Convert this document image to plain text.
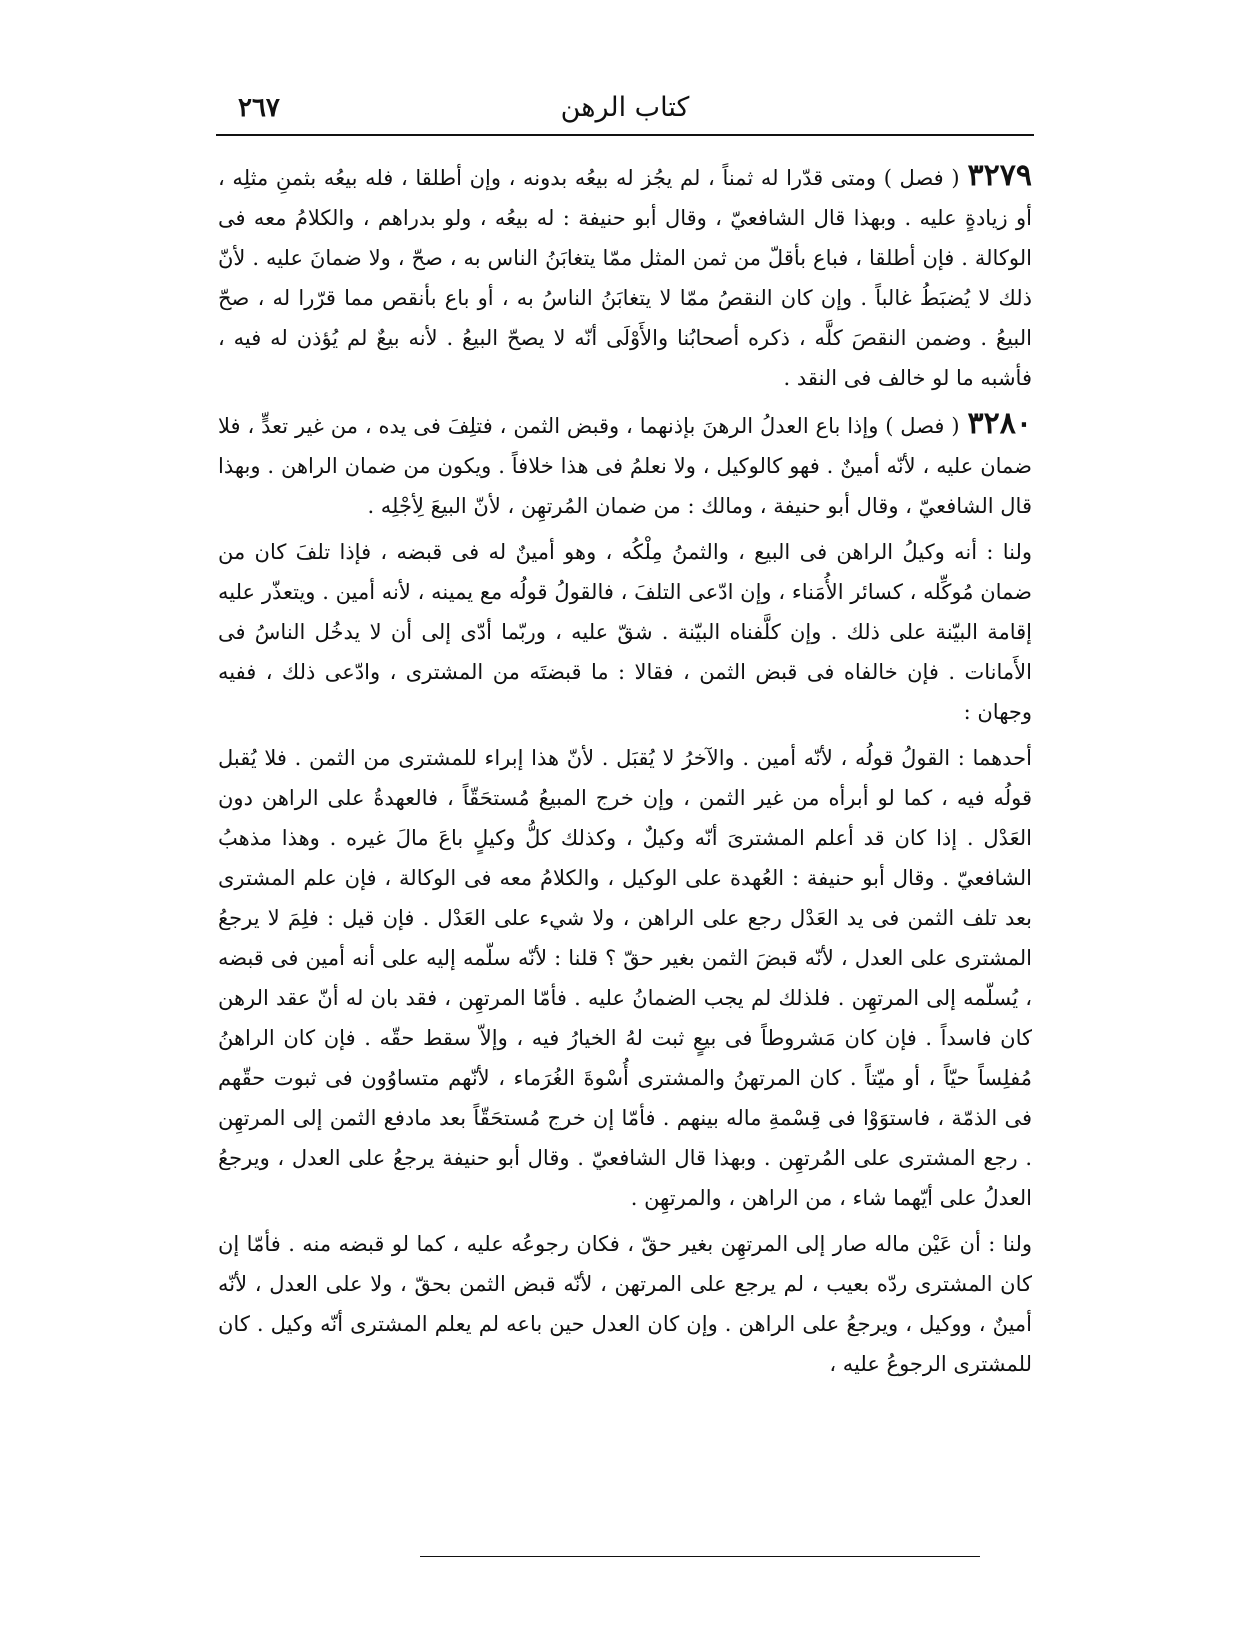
كتاب الرهن
٢٦٧

٣٢٧٩( فصل ) ومتى قدّرا له ثمناً ، لم يجُز له بيعُه بدونه ، وإن أطلقا ، فله بيعُه بثمنِ مثلِه ، أو زيادةٍ عليه . وبهذا قال الشافعيّ ، وقال أبو حنيفة : له بيعُه ، ولو بدراهم ، والكلامُ معه فى الوكالة . فإن أطلقا ، فباع بأقلّ من ثمن المثل ممّا يتغابَنُ الناس به ، صحّ ، ولا ضمانَ عليه . لأنّ ذلك لا يُضبَطُ غالباً . وإن كان النقصُ ممّا لا يتغابَنُ الناسُ به ، أو باع بأنقص مما قرّرا له ، صحّ البيعُ . وضمن النقصَ كلَّه ، ذكره أصحابُنا والأَوْلَى أنّه لا يصحّ البيعُ . لأنه بيعٌ لم يُؤذن له فيه ، فأشبه ما لو خالف فى النقد .

٣٢٨٠( فصل ) وإذا باع العدلُ الرهنَ بإذنهما ، وقبض الثمن ، فتلِفَ فى يده ، من غير تعدٍّ ، فلا ضمان عليه ، لأنّه أمينٌ . فهو كالوكيل ، ولا نعلمُ فى هذا خلافاً . ويكون من ضمان الراهن . وبهذا قال الشافعيّ ، وقال أبو حنيفة ، ومالك : من ضمان المُرتهِن ، لأنّ البيعَ لِأجْلِه .

ولنا : أنه وكيلُ الراهن فى البيع ، والثمنُ مِلْكُه ، وهو أمينٌ له فى قبضه ، فإذا تلفَ كان من ضمان مُوكِّله ، كسائر الأُمَناء ، وإن ادّعى التلفَ ، فالقولُ قولُه مع يمينه ، لأنه أمين . ويتعذّر عليه إقامة البيّنة على ذلك . وإن كلَّفناه البيّنة . شقّ عليه ، وربّما أدّى إلى أن لا يدخُل الناسُ فى الأَمانات . فإن خالفاه فى قبض الثمن ، فقالا : ما قبضتَه من المشترى ، وادّعى ذلك ، ففيه وجهان :

أحدهما : القولُ قولُه ، لأنّه أمين . والآخرُ لا يُقبَل . لأنّ هذا إبراء للمشترى من الثمن . فلا يُقبل قولُه فيه ، كما لو أبرأه من غير الثمن ، وإن خرج المبيعُ مُستحَقّاً ، فالعهدةُ على الراهن دون العَدْل . إذا كان قد أعلم المشترىَ أنّه وكيلٌ ، وكذلك كلُّ وكيلٍ باعَ مالَ غيره . وهذا مذهبُ الشافعيّ . وقال أبو حنيفة : العُهدة على الوكيل ، والكلامُ معه فى الوكالة ، فإن علم المشترى بعد تلف الثمن فى يد العَدْل رجع على الراهن ، ولا شيء على العَدْل . فإن قيل : فلِمَ لا يرجعُ المشترى على العدل ، لأنّه قبضَ الثمن بغير حقّ ؟ قلنا : لأنّه سلّمه إليه على أنه أمين فى قبضه ، يُسلّمه إلى المرتهِن . فلذلك لم يجب الضمانُ عليه . فأمّا المرتهِن ، فقد بان له أنّ عقد الرهن كان فاسداً . فإن كان مَشروطاً فى بيعٍ ثبت لهُ الخيارُ فيه ، وإلاّ سقط حقّه . فإن كان الراهنُ مُفلِساً حيّاً ، أو ميّتاً . كان المرتهنُ والمشترى أُسْوةَ الغُرَماء ، لأنّهم متساوُون فى ثبوت حقّهم فى الذمّة ، فاستوَوْا فى قِسْمةِ ماله بينهم . فأمّا إن خرج مُستحَقّاً بعد مادفع الثمن إلى المرتهِن . رجع المشترى على المُرتهِن . وبهذا قال الشافعيّ . وقال أبو حنيفة يرجعُ على العدل ، ويرجعُ العدلُ على أيّهما شاء ، من الراهن ، والمرتهِن .

ولنا : أن عَيْن ماله صار إلى المرتهِن بغير حقّ ، فكان رجوعُه عليه ، كما لو قبضه منه . فأمّا إن كان المشترى ردّه بعيب ، لم يرجع على المرتهن ، لأنّه قبض الثمن بحقّ ، ولا على العدل ، لأنّه أمينٌ ، ووكيل ، ويرجعُ على الراهن . وإن كان العدل حين باعه لم يعلم المشترى أنّه وكيل . كان للمشترى الرجوعُ عليه ،
